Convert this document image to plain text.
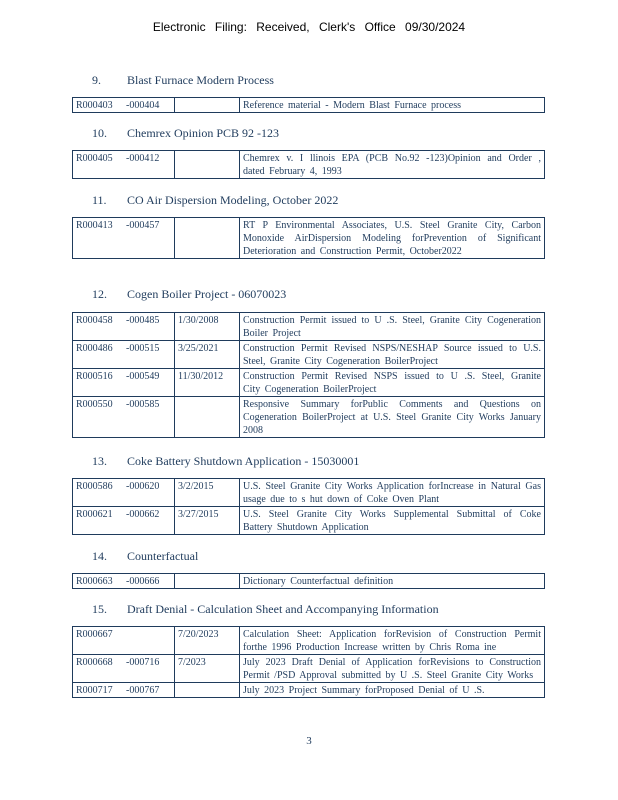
Electronic Filing: Received, Clerk's Office 09/30/2024
9. Blast Furnace Modern Process
R000403	-000404		Reference material - Modern Blast Furnace process
10. Chemrex Opinion PCB 92 -123
R000405	-000412		Chemrex v. I llinois EPA (PCB No.92 -123)Opinion and Order , dated February 4, 1993
11. CO Air Dispersion Modeling, October 2022
R000413	-000457		RT P Environmental Associates, U.S. Steel Granite City, Carbon Monoxide AirDispersion Modeling forPrevention of Significant Deterioration and Construction Permit, October2022
12. Cogen Boiler Project - 06070023
R000458	-000485	1/30/2008	Construction Permit issued to U .S. Steel, Granite City Cogeneration Boiler Project
R000486	-000515	3/25/2021	Construction Permit Revised NSPS/NESHAP Source issued to U.S. Steel, Granite City Cogeneration BoilerProject
R000516	-000549	11/30/2012	Construction Permit Revised NSPS issued to U .S. Steel, Granite City Cogeneration BoilerProject
R000550	-000585		Responsive Summary forPublic Comments and Questions on Cogeneration BoilerProject at U.S. Steel Granite City Works January 2008
13. Coke Battery Shutdown Application - 15030001
R000586	-000620	3/2/2015	U.S. Steel Granite City Works Application forIncrease in Natural Gas usage due to s hut down of Coke Oven Plant
R000621	-000662	3/27/2015	U.S. Steel Granite City Works Supplemental Submittal of Coke Battery Shutdown Application
14. Counterfactual
R000663	-000666		Dictionary Counterfactual definition
15. Draft Denial - Calculation Sheet and Accompanying Information
R000667		7/20/2023	Calculation Sheet: Application forRevision of Construction Permit forthe 1996 Production Increase written by Chris Roma ine
R000668	-000716	7/2023	July 2023 Draft Denial of Application forRevisions to Construction Permit /PSD Approval submitted by U .S. Steel Granite City Works
R000717	-000767		July 2023 Project Summary forProposed Denial of U .S.
3
